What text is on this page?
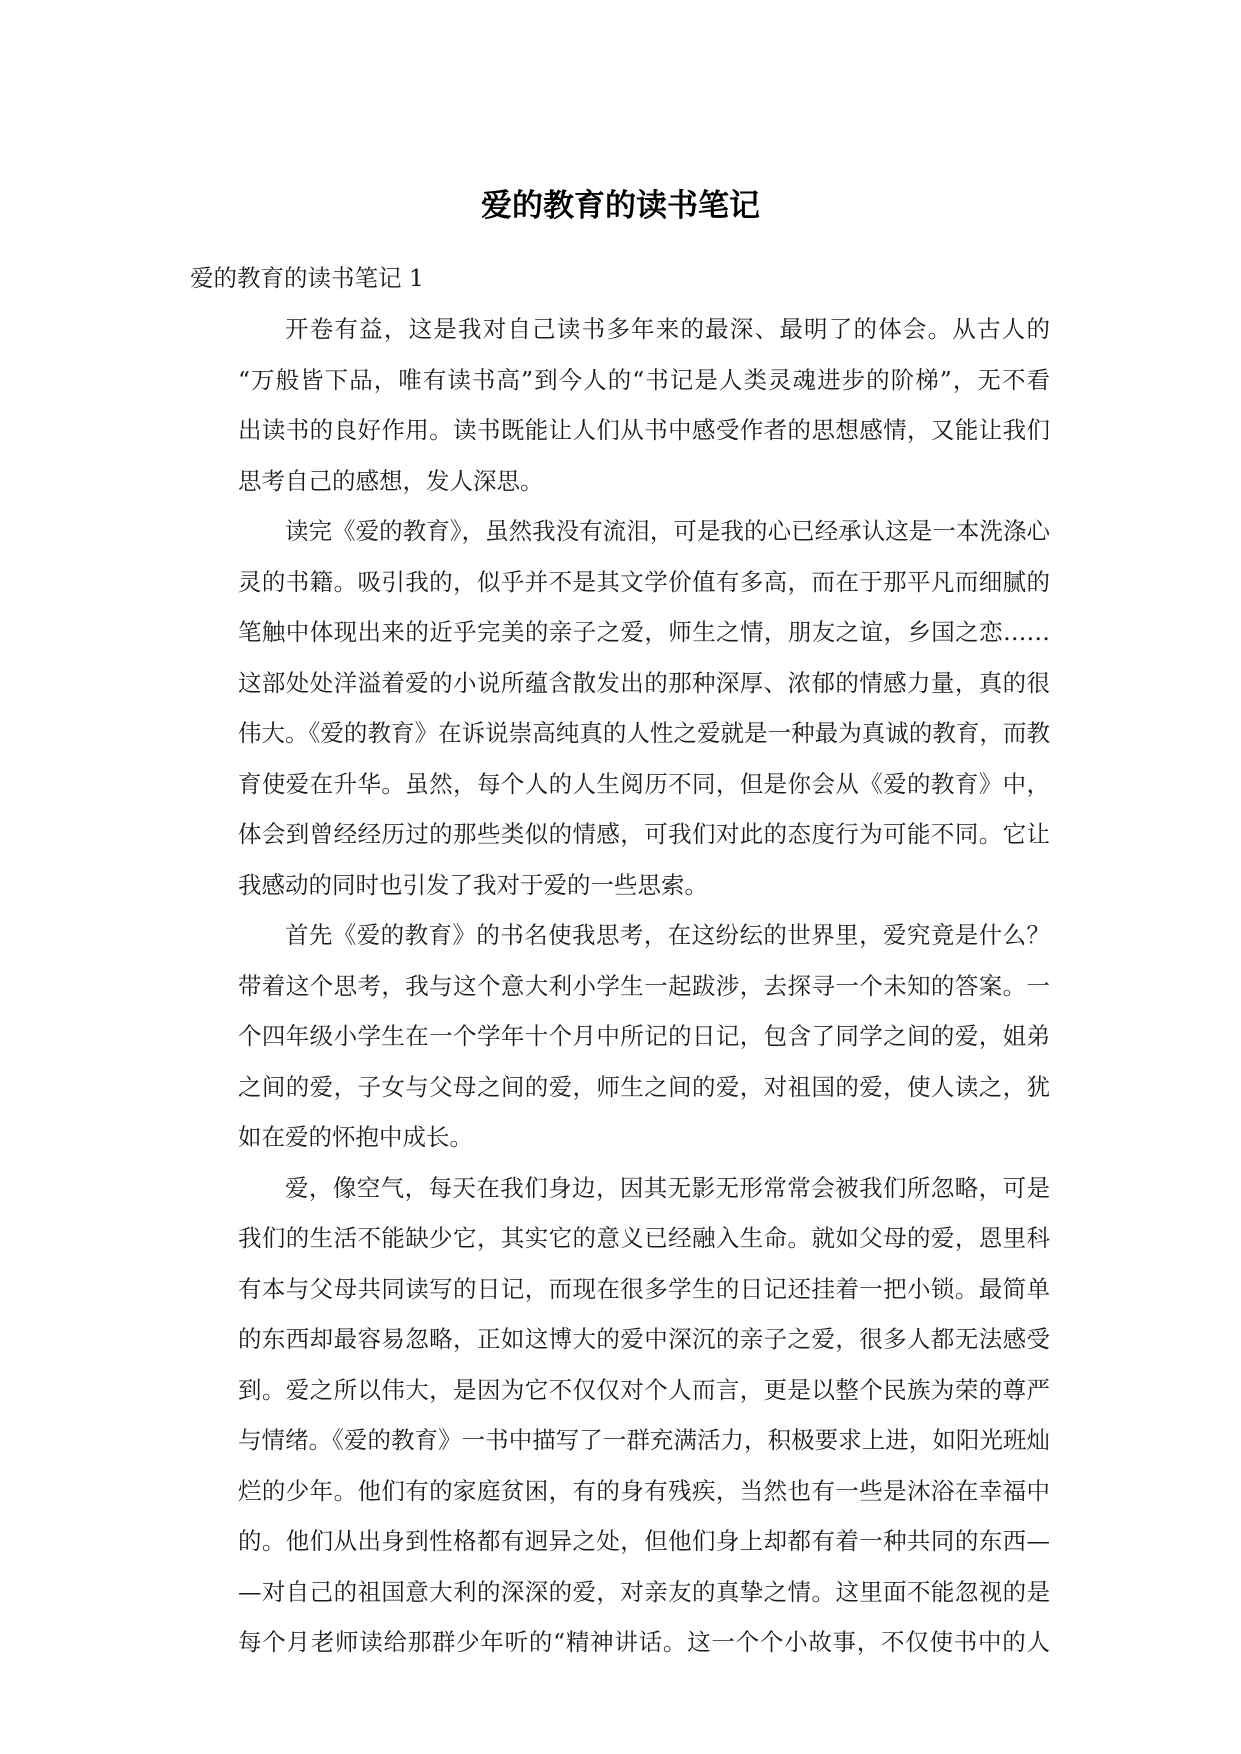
爱的教育的读书笔记

爱的教育的读书笔记 1

开卷有益，这是我对自己读书多年来的最深、最明了的体会。从古人的
“万般皆下品，唯有读书高”到今人的“书记是人类灵魂进步的阶梯”，无不看
出读书的良好作用。读书既能让人们从书中感受作者的思想感情，又能让我们
思考自己的感想，发人深思。
读完《爱的教育》，虽然我没有流泪，可是我的心已经承认这是一本洗涤心
灵的书籍。吸引我的，似乎并不是其文学价值有多高，而在于那平凡而细腻的
笔触中体现出来的近乎完美的亲子之爱，师生之情，朋友之谊，乡国之恋……
这部处处洋溢着爱的小说所蕴含散发出的那种深厚、浓郁的情感力量，真的很
伟大。《爱的教育》在诉说崇高纯真的人性之爱就是一种最为真诚的教育，而教
育使爱在升华。虽然，每个人的人生阅历不同，但是你会从《爱的教育》中，
体会到曾经经历过的那些类似的情感，可我们对此的态度行为可能不同。它让
我感动的同时也引发了我对于爱的一些思索。
首先《爱的教育》的书名使我思考，在这纷纭的世界里，爱究竟是什么？
带着这个思考，我与这个意大利小学生一起跋涉，去探寻一个未知的答案。一
个四年级小学生在一个学年十个月中所记的日记，包含了同学之间的爱，姐弟
之间的爱，子女与父母之间的爱，师生之间的爱，对祖国的爱，使人读之，犹
如在爱的怀抱中成长。
爱，像空气，每天在我们身边，因其无影无形常常会被我们所忽略，可是
我们的生活不能缺少它，其实它的意义已经融入生命。就如父母的爱，恩里科
有本与父母共同读写的日记，而现在很多学生的日记还挂着一把小锁。最简单
的东西却最容易忽略，正如这博大的爱中深沉的亲子之爱，很多人都无法感受
到。爱之所以伟大，是因为它不仅仅对个人而言，更是以整个民族为荣的尊严
与情绪。《爱的教育》一书中描写了一群充满活力，积极要求上进，如阳光班灿
烂的少年。他们有的家庭贫困，有的身有残疾，当然也有一些是沐浴在幸福中
的。他们从出身到性格都有迥异之处，但他们身上却都有着一种共同的东西—
—对自己的祖国意大利的深深的爱，对亲友的真挚之情。这里面不能忽视的是
每个月老师读给那群少年听的“精神讲话。这一个个小故事，不仅使书中的人
